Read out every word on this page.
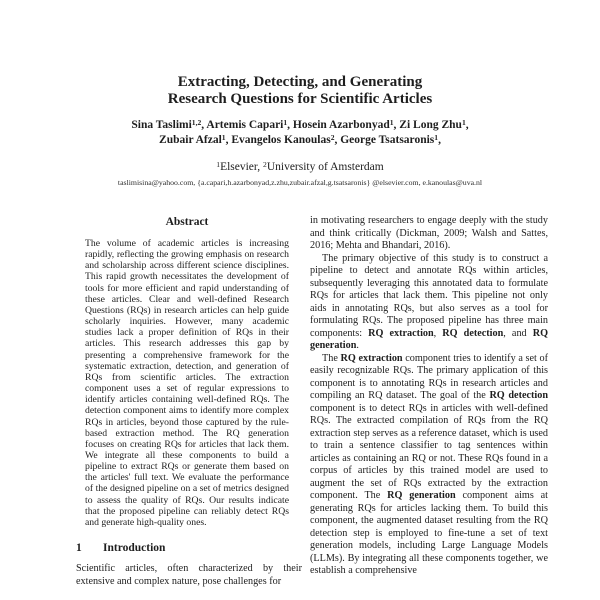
Extracting, Detecting, and Generating
Research Questions for Scientific Articles
Sina Taslimi$^{1,2}$, Artemis Capari$^1$, Hosein Azarbonyad$^1$, Zi Long Zhu$^1$,
Zubair Afzal$^1$, Evangelos Kanoulas$^2$, George Tsatsaronis$^1$,
$^1$Elsevier, $^2$University of Amsterdam
taslimisina@yahoo.com, {a.capari,h.azarbonyad,z.zhu,zubair.afzal,g.tsatsaronis} @elsevier.com, e.kanoulas@uva.nl
Abstract

The volume of academic articles is increasing rapidly, reflecting the growing emphasis on research and scholarship across different science disciplines. This rapid growth necessitates the development of tools for more efficient and rapid understanding of these articles. Clear and well-defined Research Questions (RQs) in research articles can help guide scholarly inquiries. However, many academic studies lack a proper definition of RQs in their articles. This research addresses this gap by presenting a comprehensive framework for the systematic extraction, detection, and generation of RQs from scientific articles. The extraction component uses a set of regular expressions to identify articles containing well-defined RQs. The detection component aims to identify more complex RQs in articles, beyond those captured by the rule-based extraction method. The RQ generation focuses on creating RQs for articles that lack them. We integrate all these components to build a pipeline to extract RQs or generate them based on the articles' full text. We evaluate the performance of the designed pipeline on a set of metrics designed to assess the quality of RQs. Our results indicate that the proposed pipeline can reliably detect RQs and generate high-quality ones.

1 Introduction

Scientific articles, often characterized by their extensive and complex nature, pose challenges for

in motivating researchers to engage deeply with the study and think critically (Dickman, 2009; Walsh and Sattes, 2016; Mehta and Bhandari, 2016).

The primary objective of this study is to construct a pipeline to detect and annotate RQs within articles, subsequently leveraging this annotated data to formulate RQs for articles that lack them. This pipeline not only aids in annotating RQs, but also serves as a tool for formulating RQs. The proposed pipeline has three main components: RQ extraction, RQ detection, and RQ generation.

The RQ extraction component tries to identify a set of easily recognizable RQs. The primary application of this component is to annotating RQs in research articles and compiling an RQ dataset. The goal of the RQ detection component is to detect RQs in articles with well-defined RQs. The extracted compilation of RQs from the RQ extraction step serves as a reference dataset, which is used to train a sentence classifier to tag sentences within articles as containing an RQ or not. These RQs found in a corpus of articles by this trained model are used to augment the set of RQs extracted by the extraction component. The RQ generation component aims at generating RQs for articles lacking them. To build this component, the augmented dataset resulting from the RQ detection step is employed to fine-tune a set of text generation models, including Large Language Models (LLMs). By integrating all these components together, we establish a comprehensive
